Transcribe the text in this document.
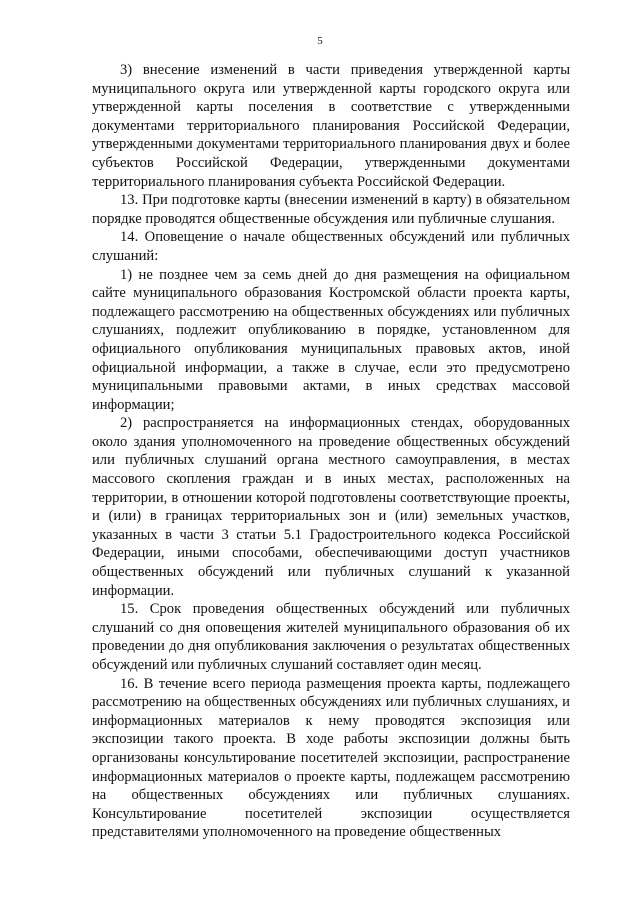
5

3) внесение изменений в части приведения утвержденной карты муниципального округа или утвержденной карты городского округа или утвержденной карты поселения в соответствие с утвержденными документами территориального планирования Российской Федерации, утвержденными документами территориального планирования двух и более субъектов Российской Федерации, утвержденными документами территориального планирования субъекта Российской Федерации.

13. При подготовке карты (внесении изменений в карту) в обязательном порядке проводятся общественные обсуждения или публичные слушания.

14. Оповещение о начале общественных обсуждений или публичных слушаний:

1) не позднее чем за семь дней до дня размещения на официальном сайте муниципального образования Костромской области проекта карты, подлежащего рассмотрению на общественных обсуждениях или публичных слушаниях, подлежит опубликованию в порядке, установленном для официального опубликования муниципальных правовых актов, иной официальной информации, а также в случае, если это предусмотрено муниципальными правовыми актами, в иных средствах массовой информации;

2) распространяется на информационных стендах, оборудованных около здания уполномоченного на проведение общественных обсуждений или публичных слушаний органа местного самоуправления, в местах массового скопления граждан и в иных местах, расположенных на территории, в отношении которой подготовлены соответствующие проекты, и (или) в границах территориальных зон и (или) земельных участков, указанных в части 3 статьи 5.1 Градостроительного кодекса Российской Федерации, иными способами, обеспечивающими доступ участников общественных обсуждений или публичных слушаний к указанной информации.

15. Срок проведения общественных обсуждений или публичных слушаний со дня оповещения жителей муниципального образования об их проведении до дня опубликования заключения о результатах общественных обсуждений или публичных слушаний составляет один месяц.

16. В течение всего периода размещения проекта карты, подлежащего рассмотрению на общественных обсуждениях или публичных слушаниях, и информационных материалов к нему проводятся экспозиция или экспозиции такого проекта. В ходе работы экспозиции должны быть организованы консультирование посетителей экспозиции, распространение информационных материалов о проекте карты, подлежащем рассмотрению на общественных обсуждениях или публичных слушаниях. Консультирование посетителей экспозиции осуществляется представителями уполномоченного на проведение общественных
